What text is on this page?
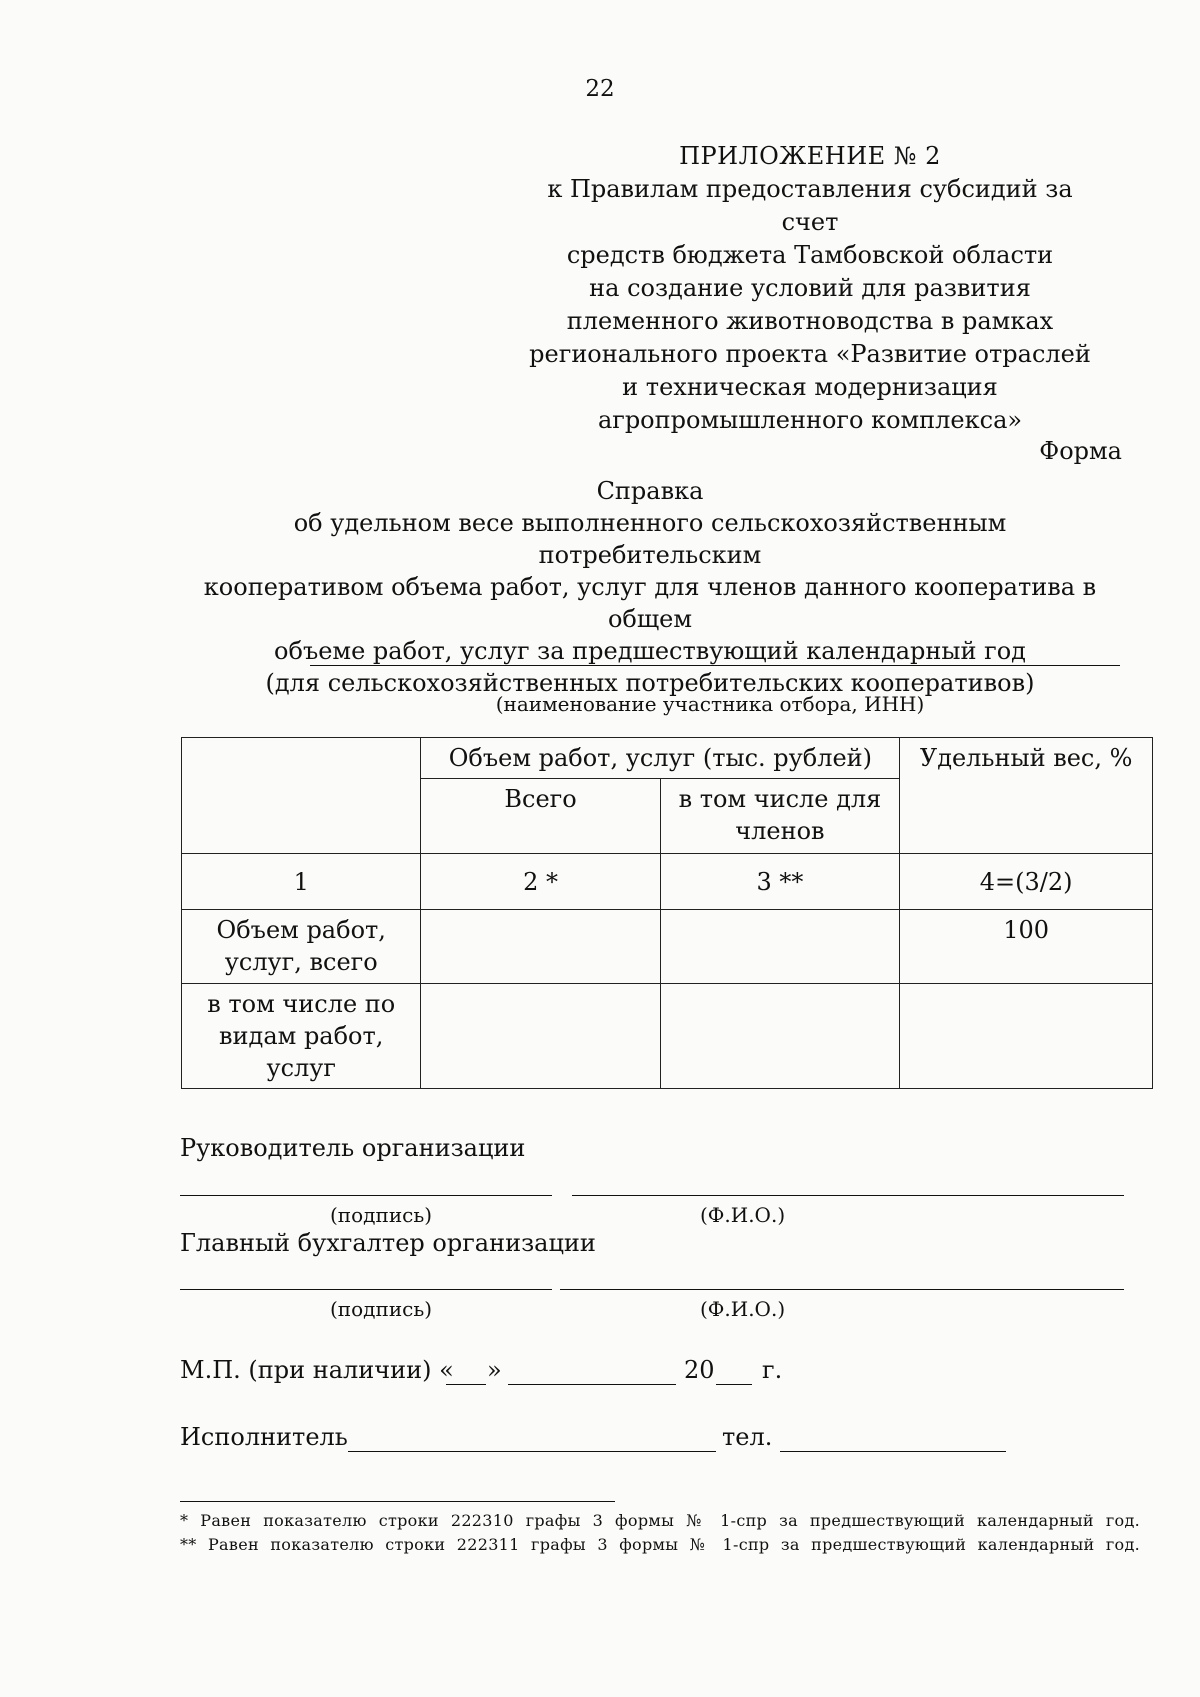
22
ПРИЛОЖЕНИЕ № 2
к Правилам предоставления субсидий за счет
средств бюджета Тамбовской области
на создание условий для развития
племенного животноводства в рамках
регионального проекта «Развитие отраслей
и техническая модернизация
агропромышленного комплекса»
Форма
Справка
об удельном весе выполненного сельскохозяйственным потребительским
кооперативом объема работ, услуг для членов данного кооператива в общем
объеме работ, услуг за предшествующий календарный год
(для сельскохозяйственных потребительских кооперативов)
(наименование участника отбора, ИНН)
	Объем работ, услуг (тыс. рублей)		Удельный вес, %
	Всего	в том числе для членов	
1	2 *	3 **	4=(3/2)
Объем работ, услуг, всего			100
в том числе по видам работ, услуг			
Руководитель организации
(подпись)	(Ф.И.О.)
Главный бухгалтер организации
(подпись)	(Ф.И.О.)
М.П. (при наличии) « »	20 г.
Исполнитель	тел.
* Равен показателю строки 222310 графы 3 формы № 1-спр за предшествующий календарный год.
** Равен показателю строки 222311 графы 3 формы № 1-спр за предшествующий календарный год.
